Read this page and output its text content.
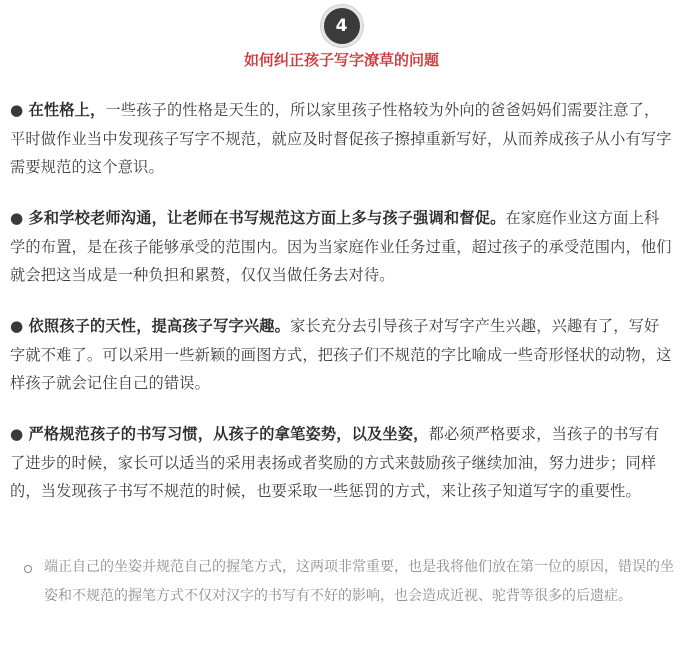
4
如何纠正孩子写字潦草的问题

● 在性格上，一些孩子的性格是天生的，所以家里孩子性格较为外向的爸爸妈妈们需要注意了，平时做作业当中发现孩子写字不规范，就应及时督促孩子擦掉重新写好，从而养成孩子从小有写字需要规范的这个意识。

● 多和学校老师沟通，让老师在书写规范这方面上多与孩子强调和督促。在家庭作业这方面上科学的布置，是在孩子能够承受的范围内。因为当家庭作业任务过重，超过孩子的承受范围内，他们就会把这当成是一种负担和累赘，仅仅当做任务去对待。

● 依照孩子的天性，提高孩子写字兴趣。家长充分去引导孩子对写字产生兴趣，兴趣有了，写好字就不难了。可以采用一些新颖的画图方式，把孩子们不规范的字比喻成一些奇形怪状的动物，这样孩子就会记住自己的错误。

● 严格规范孩子的书写习惯，从孩子的拿笔姿势，以及坐姿，都必须严格要求，当孩子的书写有了进步的时候，家长可以适当的采用表扬或者奖励的方式来鼓励孩子继续加油，努力进步；同样的，当发现孩子书写不规范的时候，也要采取一些惩罚的方式，来让孩子知道写字的重要性。

端正自己的坐姿并规范自己的握笔方式，这两项非常重要，也是我将他们放在第一位的原因，错误的坐姿和不规范的握笔方式不仅对汉字的书写有不好的影响，也会造成近视、驼背等很多的后遗症。
